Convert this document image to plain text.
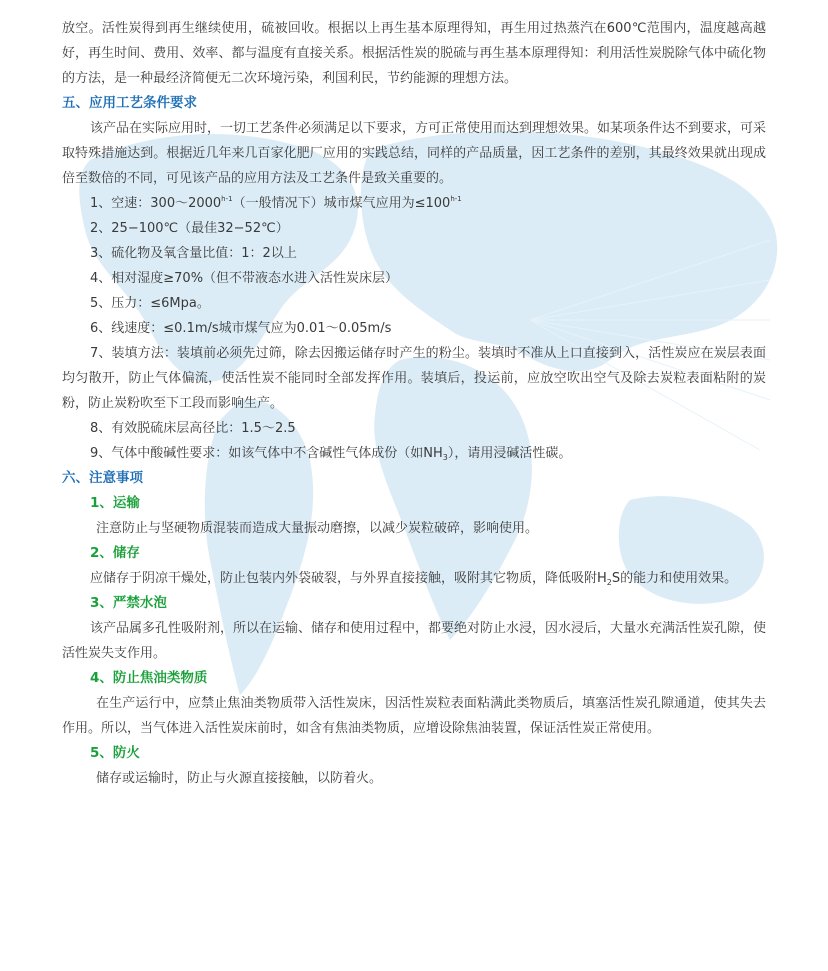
放空。活性炭得到再生继续使用，硫被回收。根据以上再生基本原理得知，再生用过热蒸汽在600℃范围内，温度越高越好，再生时间、费用、效率、都与温度有直接关系。根据活性炭的脱硫与再生基本原理得知：利用活性炭脱除气体中硫化物的方法，是一种最经济简便无二次环境污染，利国利民，节约能源的理想方法。

五、应用工艺条件要求

该产品在实际应用时，一切工艺条件必须满足以下要求，方可正常使用而达到理想效果。如某项条件达不到要求，可采取特殊措施达到。根据近几年来几百家化肥厂应用的实践总结，同样的产品质量，因工艺条件的差别，其最终效果就出现成倍至数倍的不同，可见该产品的应用方法及工艺条件是致关重要的。

1、空速：300～2000$^{h-1}$（一般情况下）城市煤气应用为$\le 100^{h-1}$

2、25−100℃（最佳32−52℃）

3、硫化物及氧含量比值：1：2以上

4、相对湿度≥70%（但不带液态水进入活性炭床层）

5、压力：≤6Mpa。

6、线速度：≤0.1m/s城市煤气应为0.01～0.05m/s

7、装填方法：装填前必须先过筛，除去因搬运储存时产生的粉尘。装填时不准从上口直接到入，活性炭应在炭层表面均匀散开，防止气体偏流，使活性炭不能同时全部发挥作用。装填后，投运前，应放空吹出空气及除去炭粒表面粘附的炭粉，防止炭粉吹至下工段而影响生产。

8、有效脱硫床层高径比：1.5～2.5

9、气体中酸碱性要求：如该气体中不含碱性气体成份（如$NH_3$），请用浸碱活性碳。

六、注意事项

1、运输

注意防止与坚硬物质混装而造成大量振动磨擦，以减少炭粒破碎，影响使用。

2、储存

应储存于阴凉干燥处，防止包装内外袋破裂，与外界直接接触，吸附其它物质，降低吸附$H_2S$的能力和使用效果。

3、严禁水泡

该产品属多孔性吸附剂，所以在运输、储存和使用过程中，都要绝对防止水浸，因水浸后，大量水充满活性炭孔隙，使活性炭失支作用。

4、防止焦油类物质

在生产运行中，应禁止焦油类物质带入活性炭床，因活性炭粒表面粘满此类物质后，填塞活性炭孔隙通道，使其失去作用。所以，当气体进入活性炭床前时，如含有焦油类物质，应增设除焦油装置，保证活性炭正常使用。

5、防火

储存或运输时，防止与火源直接接触，以防着火。
